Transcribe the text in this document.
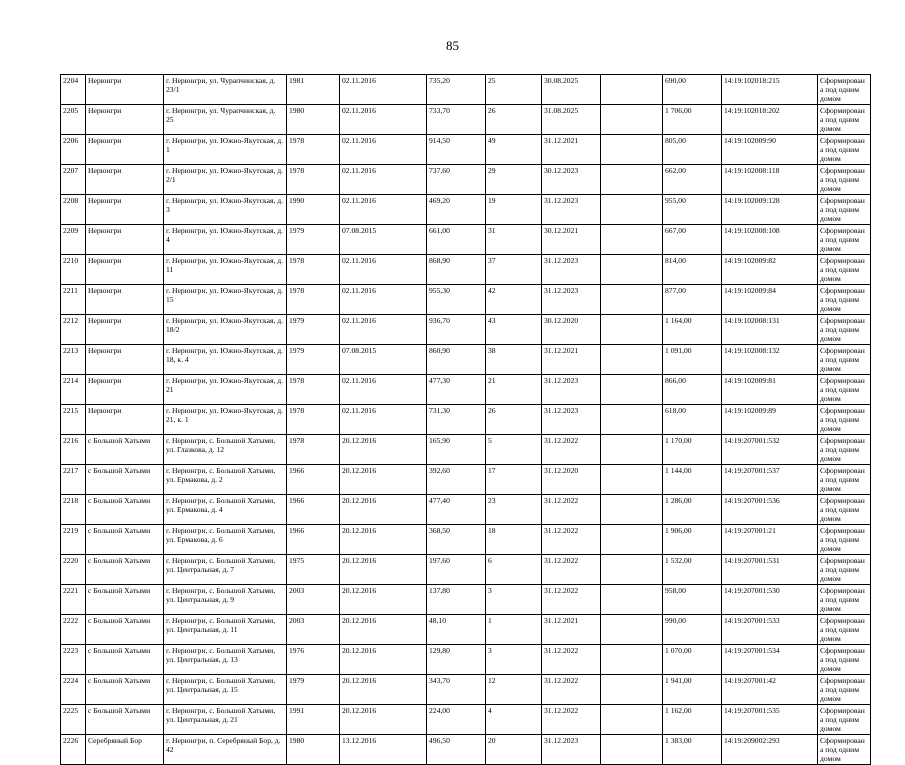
85
2204	Нерюнгри	г. Нерюнгри, ул. Чурапчинская, д. 23/1	1981	02.11.2016	735,20	25	30.08.2025		690,00	14:19:102018:215	Сформирована под одним домом
2205	Нерюнгри	г. Нерюнгри, ул. Чурапчинская, д. 25	1980	02.11.2016	733,70	26	31.08.2025		1 706,00	14:19:102018:202	Сформирована под одним домом
2206	Нерюнгри	г. Нерюнгри, ул. Южно-Якутская, д. 1	1978	02.11.2016	914,50	49	31.12.2021		805,00	14:19:102009:90	Сформирована под одним домом
2207	Нерюнгри	г. Нерюнгри, ул. Южно-Якутская, д. 2/1	1978	02.11.2016	737,60	29	30.12.2023		662,00	14:19:102008:118	Сформирована под одним домом
2208	Нерюнгри	г. Нерюнгри, ул. Южно-Якутская, д. 3	1990	02.11.2016	469,20	19	31.12.2023		955,00	14:19:102009:128	Сформирована под одним домом
2209	Нерюнгри	г. Нерюнгри, ул. Южно-Якутская, д. 4	1979	07.08.2015	661,00	31	30.12.2021		667,00	14:19:102008:108	Сформирована под одним домом
2210	Нерюнгри	г. Нерюнгри, ул. Южно-Якутская, д. 11	1978	02.11.2016	868,90	37	31.12.2023		814,00	14:19:102009:82	Сформирована под одним домом
2211	Нерюнгри	г. Нерюнгри, ул. Южно-Якутская, д. 15	1978	02.11.2016	955,30	42	31.12.2023		877,00	14:19:102009:84	Сформирована под одним домом
2212	Нерюнгри	г. Нерюнгри, ул. Южно-Якутская, д. 18/2	1979	02.11.2016	936,70	43	30.12.2020		1 164,00	14:19:102008:131	Сформирована под одним домом
2213	Нерюнгри	г. Нерюнгри, ул. Южно-Якутская, д. 18, к. 4	1979	07.08.2015	860,90	38	31.12.2021		1 091,00	14:19:102008:132	Сформирована под одним домом
2214	Нерюнгри	г. Нерюнгри, ул. Южно-Якутская, д. 21	1978	02.11.2016	477,30	21	31.12.2023		866,00	14:19:102009:81	Сформирована под одним домом
2215	Нерюнгри	г. Нерюнгри, ул. Южно-Якутская, д. 21, к. 1	1978	02.11.2016	731,30	26	31.12.2023		618,00	14:19:102009:89	Сформирована под одним домом
2216	с Большой Хатыми	г. Нерюнгри, с. Большой Хатыми, ул. Глазкова, д. 12	1978	20.12.2016	165,90	5	31.12.2022		1 170,00	14:19:207001:532	Сформирована под одним домом
2217	с Большой Хатыми	г. Нерюнгри, с. Большой Хатыми, ул. Ермакова, д. 2	1966	20.12.2016	392,60	17	31.12.2020		1 144,00	14:19:207001:537	Сформирована под одним домом
2218	с Большой Хатыми	г. Нерюнгри, с. Большой Хатыми, ул. Ермакова, д. 4	1966	20.12.2016	477,40	23	31.12.2022		1 286,00	14:19:207001:536	Сформирована под одним домом
2219	с Большой Хатыми	г. Нерюнгри, с. Большой Хатыми, ул. Ермакова, д. 6	1966	20.12.2016	368,50	18	31.12.2022		1 906,00	14:19:207001:21	Сформирована под одним домом
2220	с Большой Хатыми	г. Нерюнгри, с. Большой Хатыми, ул. Центральная, д. 7	1975	20.12.2016	197,60	6	31.12.2022		1 532,00	14:19:207001:531	Сформирована под одним домом
2221	с Большой Хатыми	г. Нерюнгри, с. Большой Хатыми, ул. Центральная, д. 9	2003	20.12.2016	137,80	3	31.12.2022		958,00	14:19:207001:530	Сформирована под одним домом
2222	с Большой Хатыми	г. Нерюнгри, с. Большой Хатыми, ул. Центральная, д. 11	2003	20.12.2016	48,10	1	31.12.2021		990,00	14:19:207001:533	Сформирована под одним домом
2223	с Большой Хатыми	г. Нерюнгри, с. Большой Хатыми, ул. Центральная, д. 13	1976	20.12.2016	129,80	3	31.12.2022		1 070,00	14:19:207001:534	Сформирована под одним домом
2224	с Большой Хатыми	г. Нерюнгри, с. Большой Хатыми, ул. Центральная, д. 15	1979	20.12.2016	343,70	12	31.12.2022		1 941,00	14:19:207001:42	Сформирована под одним домом
2225	с Большой Хатыми	г. Нерюнгри, с. Большой Хатыми, ул. Центральная, д. 21	1991	20.12.2016	224,00	4	31.12.2022		1 162,00	14:19:207001:535	Сформирована под одним домом
2226	Серебряный Бор	г. Нерюнгри, п. Серебряный Бор, д. 42	1980	13.12.2016	496,50	20	31.12.2023		1 383,00	14:19:209002:293	Сформирована под одним домом
